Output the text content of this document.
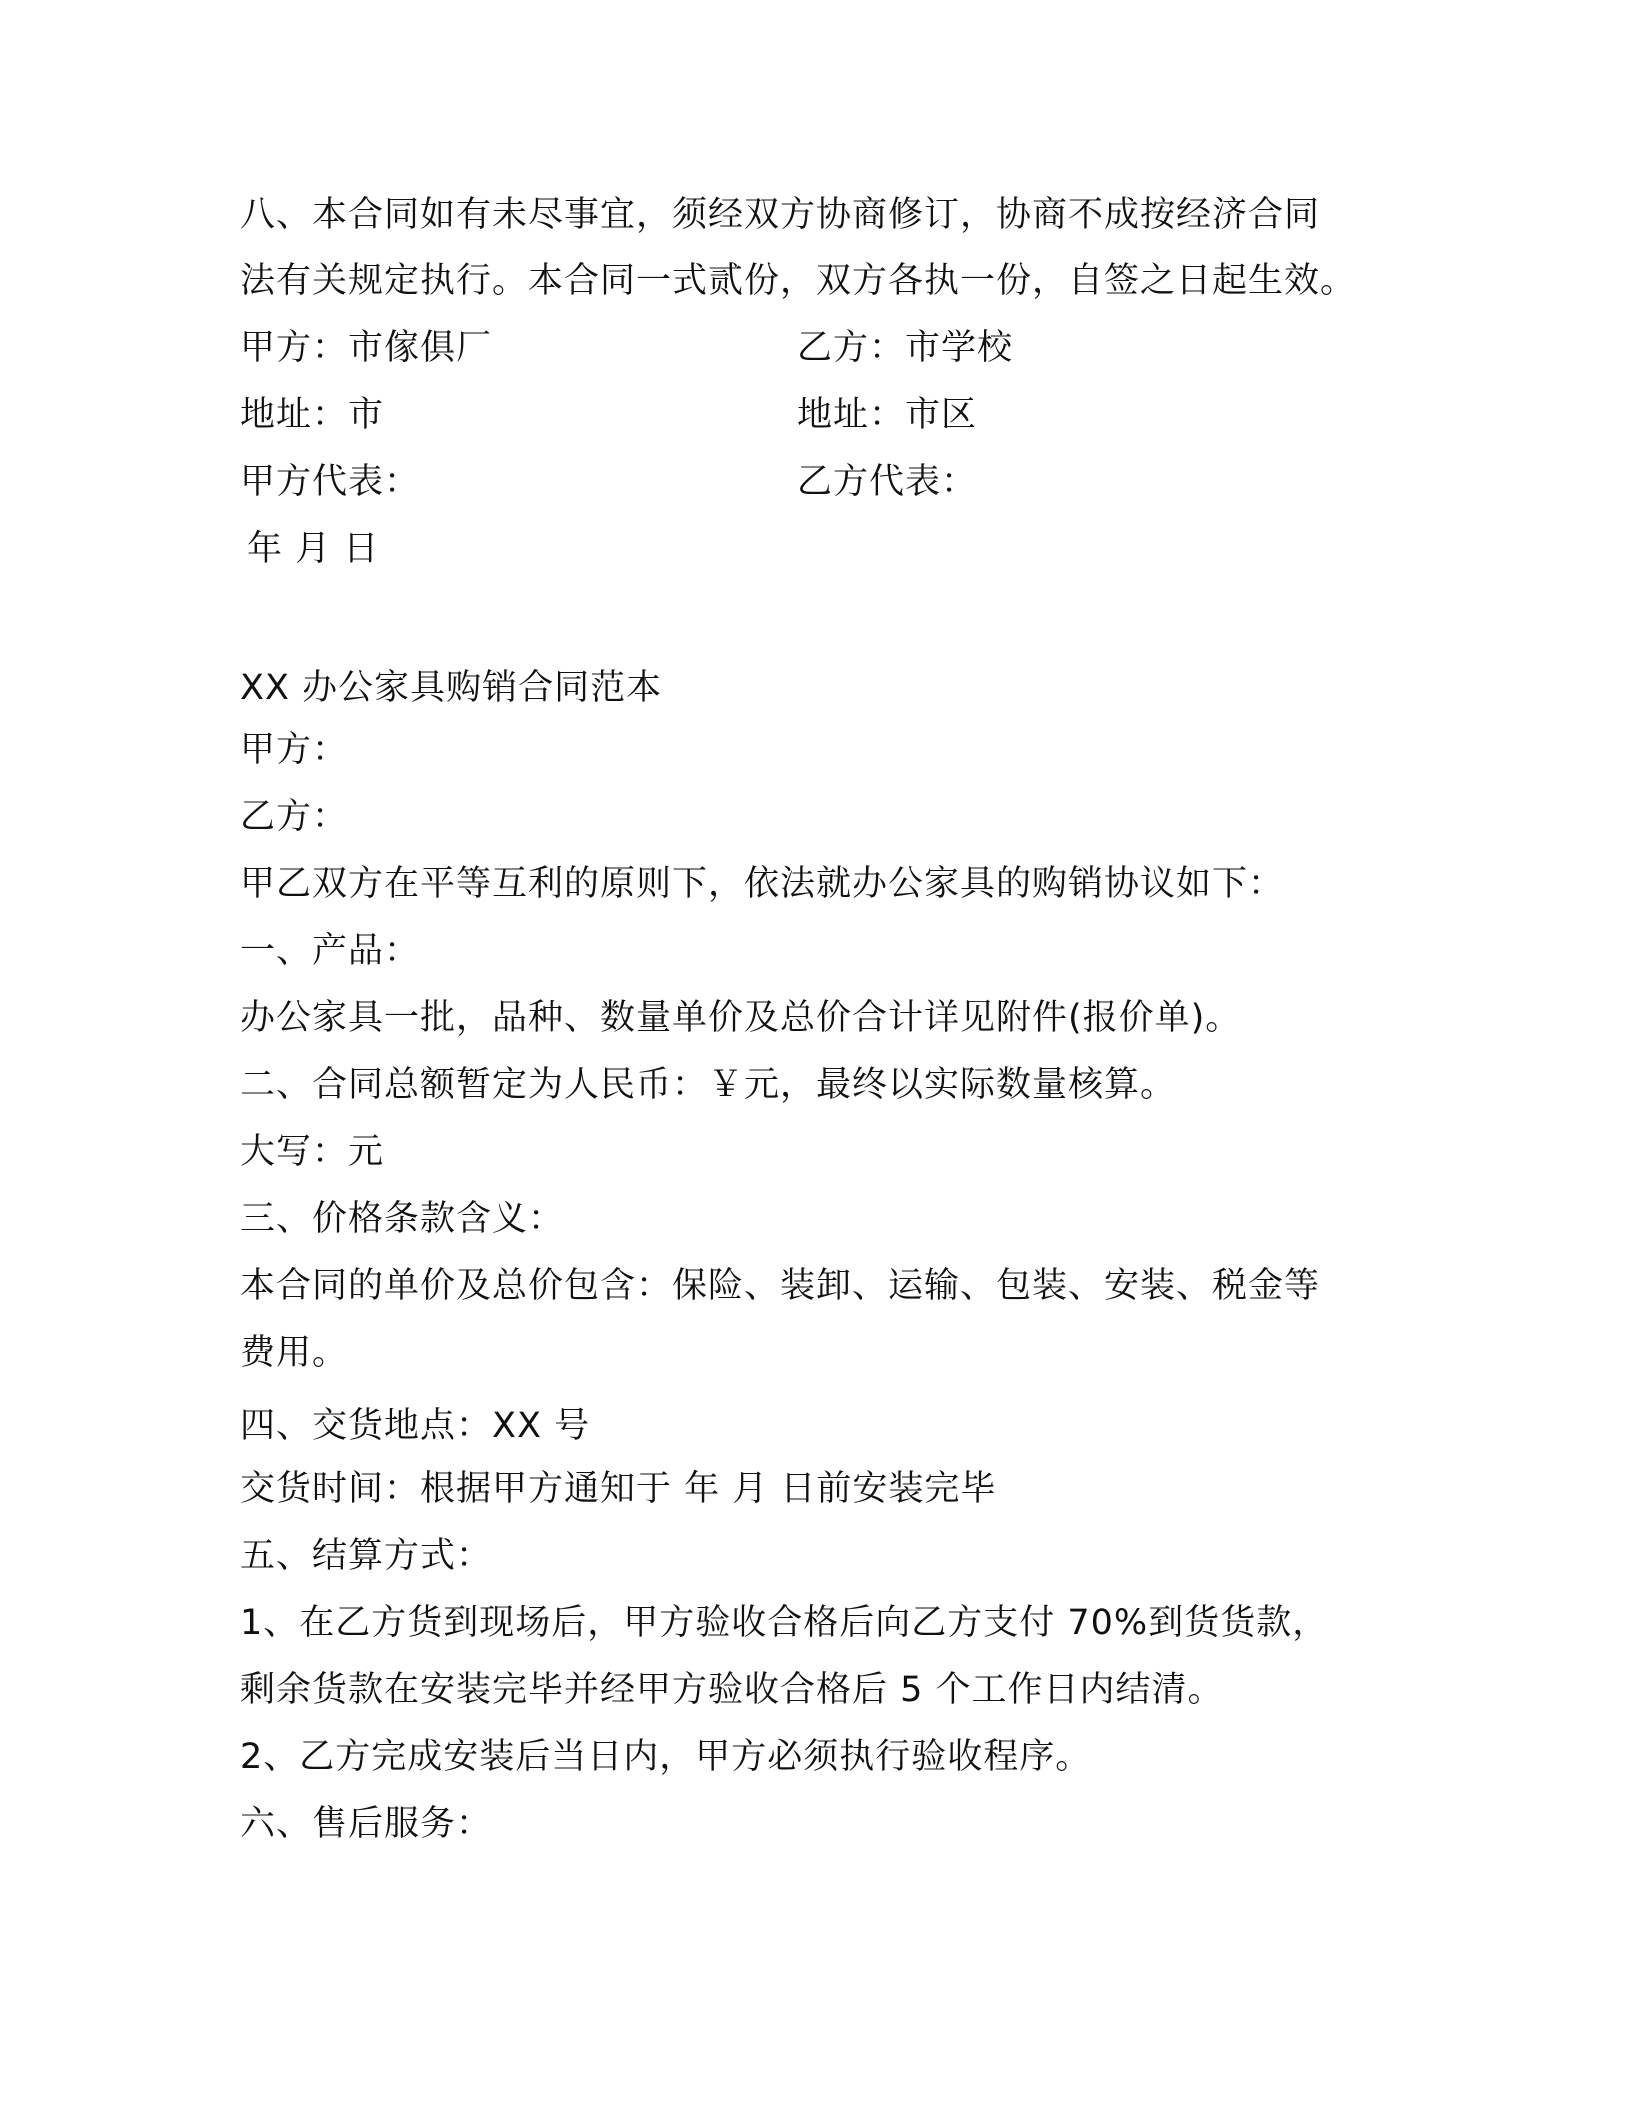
八、本合同如有未尽事宜，须经双方协商修订，协商不成按经济合同
法有关规定执行。本合同一式贰份，双方各执一份，自签之日起生效。
甲方：市傢俱厂	乙方：市学校
地址：市	地址：市区
甲方代表：	乙方代表：
年 月 日
XX 办公家具购销合同范本
甲方：
乙方：
甲乙双方在平等互利的原则下，依法就办公家具的购销协议如下：
一、产品：
办公家具一批，品种、数量单价及总价合计详见附件(报价单)。
二、合同总额暂定为人民币：￥元，最终以实际数量核算。
大写：元
三、价格条款含义：
本合同的单价及总价包含：保险、装卸、运输、包装、安装、税金等
费用。
四、交货地点：XX 号
交货时间：根据甲方通知于 年 月 日前安装完毕
五、结算方式：
1、在乙方货到现场后，甲方验收合格后向乙方支付 70%到货货款，
剩余货款在安装完毕并经甲方验收合格后 5 个工作日内结清。
2、乙方完成安装后当日内，甲方必须执行验收程序。
六、售后服务：
